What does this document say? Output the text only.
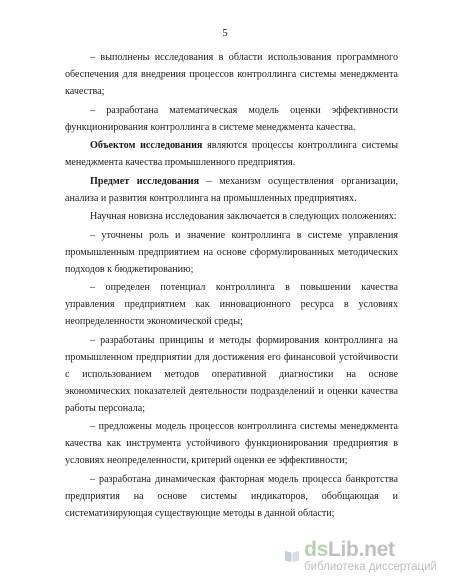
5

– выполнены исследования в области использования программного обеспечения для внедрения процессов контроллинга системы менеджмента качества;

– разработана математическая модель оценки эффективности функционирования контроллинга в системе менеджмента качества.

Объектом исследования являются процессы контроллинга системы менеджмента качества промышленного предприятия.

Предмет исследования – механизм осуществления организации, анализа и развития контроллинга на промышленных предприятиях.

Научная новизна исследования заключается в следующих положениях:

– уточнены роль и значение контроллинга в системе управления промышленным предприятием на основе сформулированных методических подходов к бюджетированию;

– определен потенциал контроллинга в повышении качества управления предприятием как инновационного ресурса в условиях неопределенности экономической среды;

– разработаны принципы и методы формирования контроллинга на промышленном предприятии для достижения его финансовой устойчивости с использованием методов оперативной диагностики на основе экономических показателей деятельности подразделений и оценки качества работы персонала;

– предложены модель процессов контроллинга системы менеджмента качества как инструмента устойчивого функционирования предприятия в условиях неопределенности, критерий оценки ее эффективности;

– разработана динамическая факторная модель процесса банкротства предприятия на основе системы индикаторов, обобщающая и систематизирующая существующие методы в данной области;

dsLib.net
библиотека диссертаций
